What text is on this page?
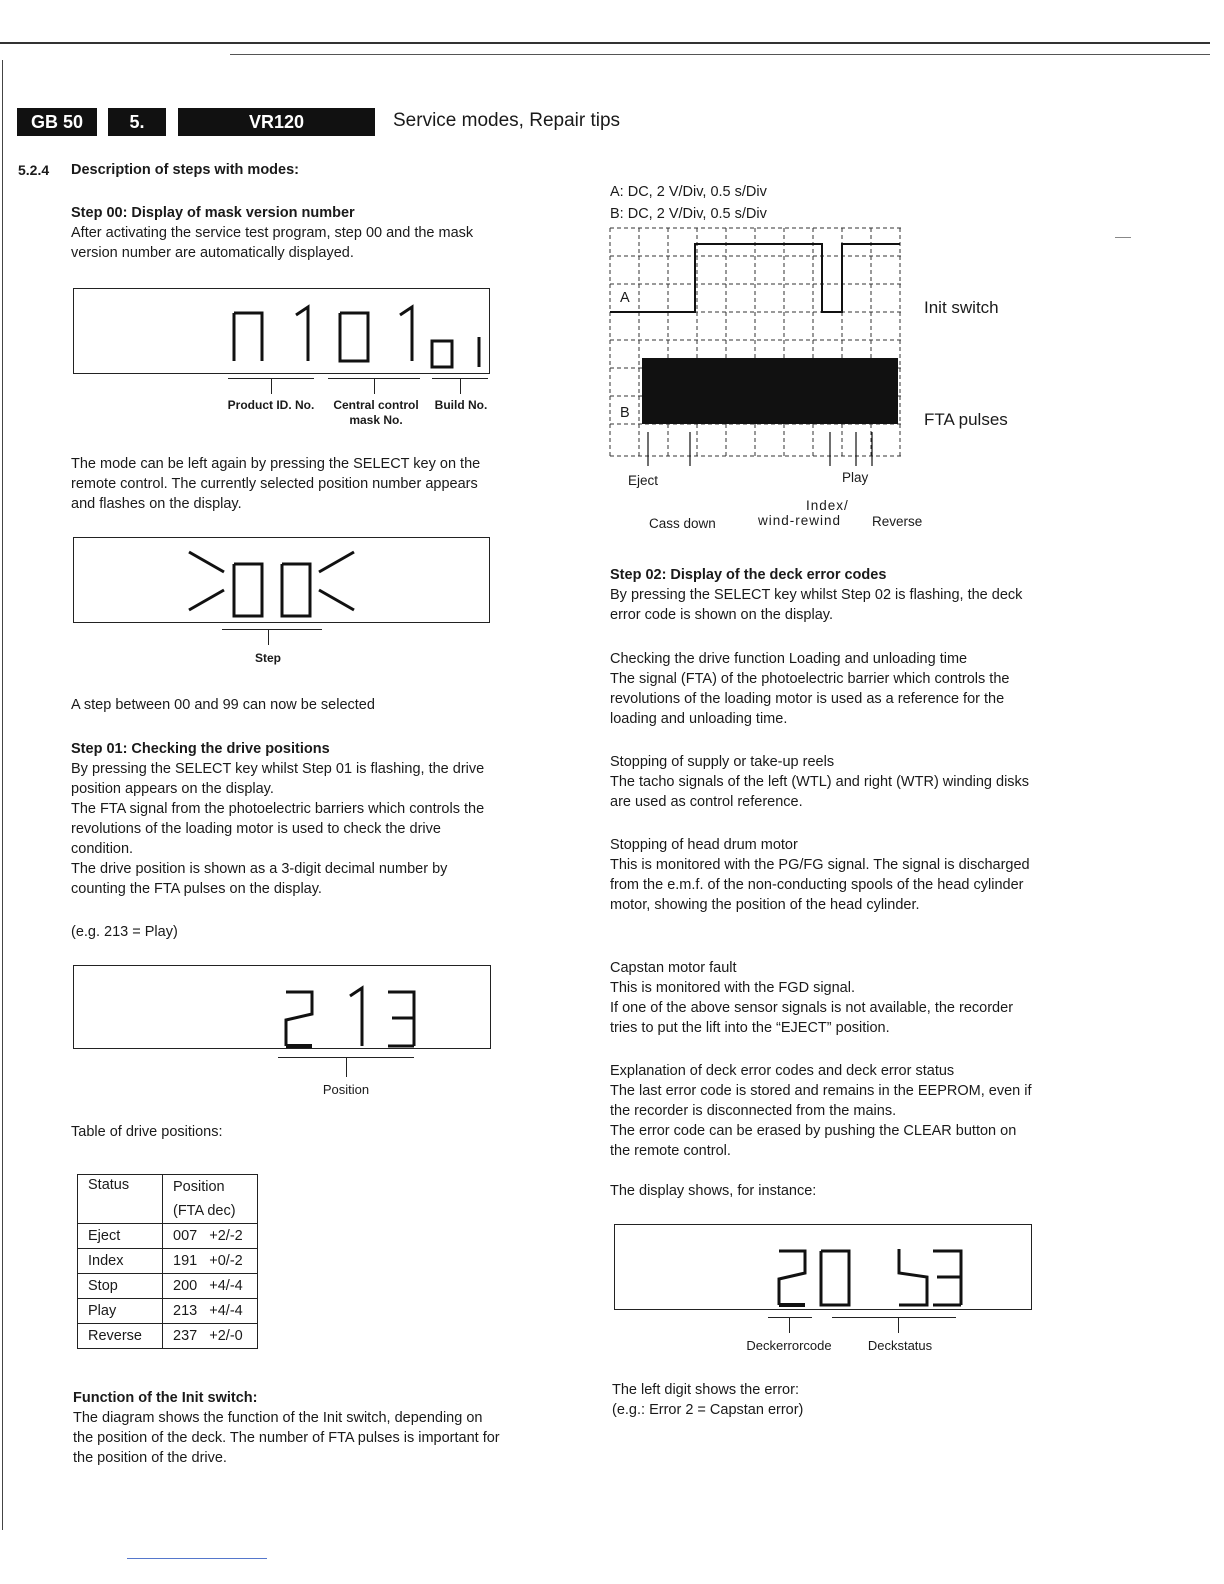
GB 50	5.	VR120	Service modes, Repair tips
5.2.4 Description of steps with modes:
Step 00: Display of mask version number
After activating the service test program, step 00 and the mask version number are automatically displayed.
Product ID. No.	Central control mask No.
Build No.
The mode can be left again by pressing the SELECT key on the remote control. The currently selected position number appears and flashes on the display.
Step
A step between 00 and 99 can now be selected
Step 01: Checking the drive positions
By pressing the SELECT key whilst Step 01 is flashing, the drive position appears on the display.
The FTA signal from the photoelectric barriers which controls the revolutions of the loading motor is used to check the drive condition.
The drive position is shown as a 3-digit decimal number by counting the FTA pulses on the display.
(e.g. 213 = Play)
Position
Table of drive positions:
Status	Position
	(FTA dec)
Eject	007   +2/-2
Index	191   +0/-2
Stop	200   +4/-4
Play	213   +4/-4
Reverse	237   +2/-0
Function of the Init switch:
The diagram shows the function of the Init switch, depending on the position of the deck. The number of FTA pulses is important for the position of the drive.
A: DC, 2 V/Div, 0.5 s/Div
B: DC, 2 V/Div, 0.5 s/Div
A
B
Init switch
FTA pulses
Eject	Play
Index/
wind-rewind
Cass down	Reverse
Step 02: Display of the deck error codes
By pressing the SELECT key whilst Step 02 is flashing, the deck error code is shown on the display.
Checking the drive function Loading and unloading time
The signal (FTA) of the photoelectric barrier which controls the revolutions of the loading motor is used as a reference for the loading and unloading time.
Stopping of supply or take-up reels
The tacho signals of the left (WTL) and right (WTR) winding disks are used as control reference.
Stopping of head drum motor
This is monitored with the PG/FG signal. The signal is discharged from the e.m.f. of the non-conducting spools of the head cylinder motor, showing the position of the head cylinder.
Capstan motor fault
This is monitored with the FGD signal.
If one of the above sensor signals is not available, the recorder tries to put the lift into the “EJECT” position.
Explanation of deck error codes and deck error status
The last error code is stored and remains in the EEPROM, even if the recorder is disconnected from the mains.
The error code can be erased by pushing the CLEAR button on the remote control.
The display shows, for instance:
Deckerrorcode	Deckstatus
The left digit shows the error:
(e.g.: Error 2 = Capstan error)
